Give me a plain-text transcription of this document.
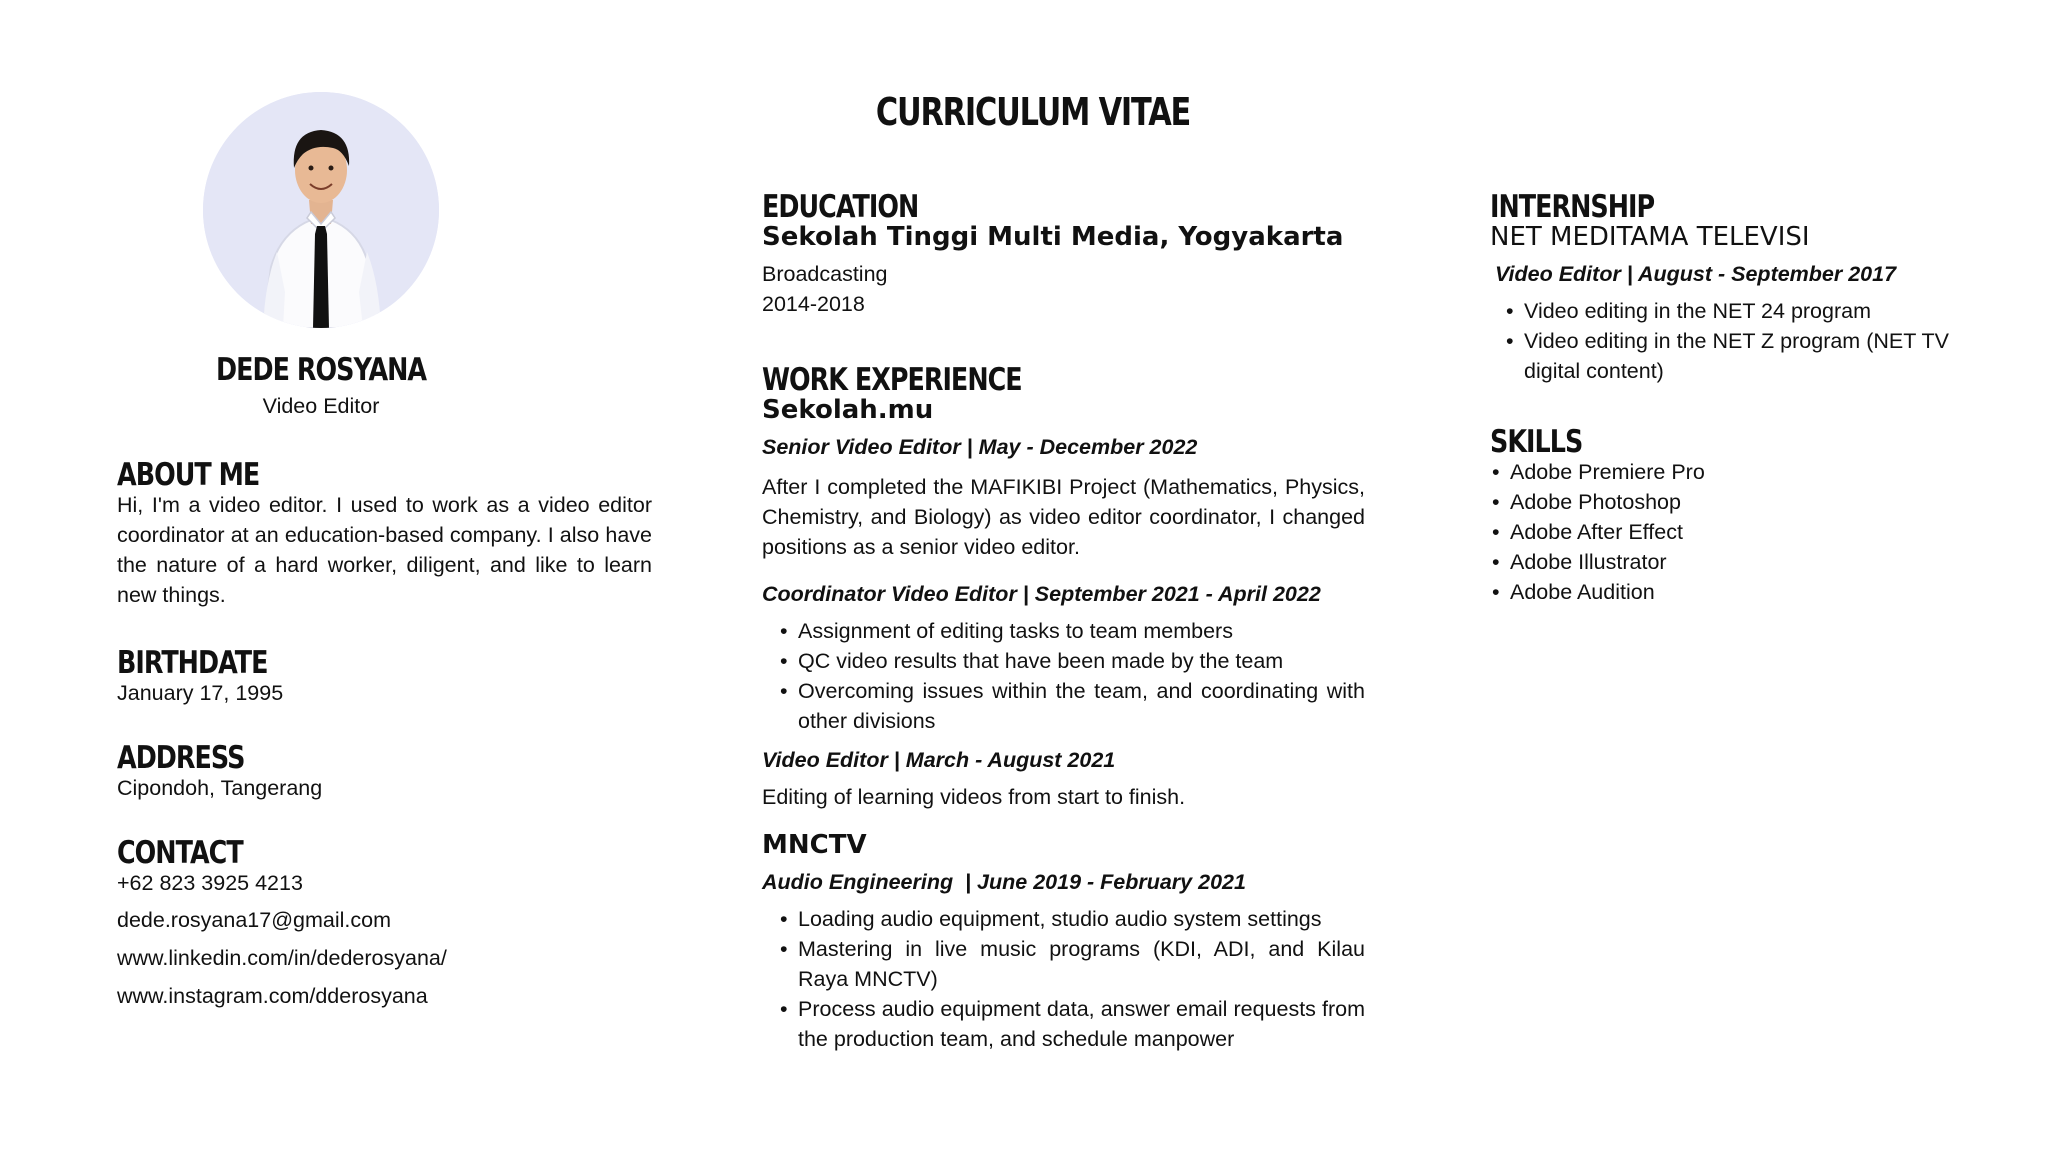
CURRICULUM VITAE

DEDE ROSYANA

Video Editor

ABOUT ME

Hi, I'm a video editor. I used to work as a video editor coordinator at an education-based company. I also have the nature of a hard worker, diligent, and like to learn new things.

BIRTHDATE

January 17, 1995

ADDRESS

Cipondoh, Tangerang

CONTACT

+62 823 3925 4213

dede.rosyana17@gmail.com

www.linkedin.com/in/dederosyana/

www.instagram.com/dderosyana

EDUCATION

Sekolah Tinggi Multi Media, Yogyakarta

Broadcasting

2014-2018

WORK EXPERIENCE

Sekolah.mu

Senior Video Editor | May - December 2022

After I completed the MAFIKIBI Project (Mathematics, Physics, Chemistry, and Biology) as video editor coordinator, I changed positions as a senior video editor.

Coordinator Video Editor | September 2021 - April 2022

• Assignment of editing tasks to team members
• QC video results that have been made by the team
• Overcoming issues within the team, and coordinating with other divisions

Video Editor | March - August 2021

Editing of learning videos from start to finish.

MNCTV

Audio Engineering  | June 2019 - February 2021

• Loading audio equipment, studio audio system settings
• Mastering in live music programs (KDI, ADI, and Kilau Raya MNCTV)
• Process audio equipment data, answer email requests from the production team, and schedule manpower

INTERNSHIP

NET MEDITAMA TELEVISI

Video Editor | August - September 2017

• Video editing in the NET 24 program
• Video editing in the NET Z program (NET TV digital content)

SKILLS

• Adobe Premiere Pro
• Adobe Photoshop
• Adobe After Effect
• Adobe Illustrator
• Adobe Audition
